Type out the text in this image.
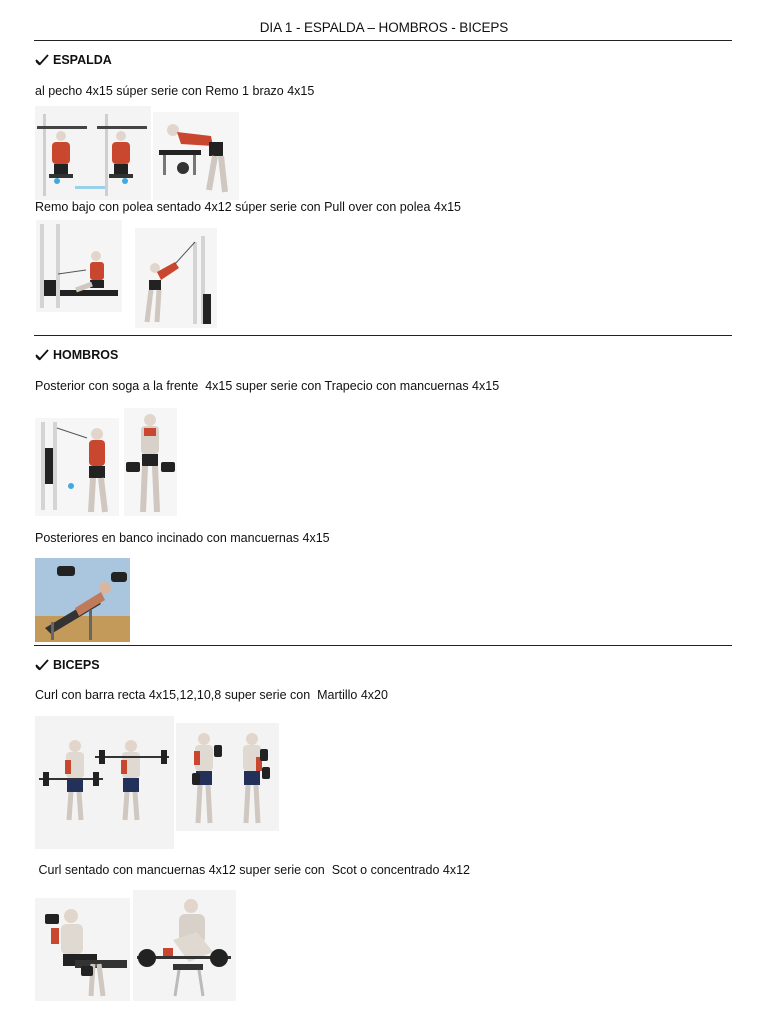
DIA 1 - ESPALDA – HOMBROS - BICEPS
ESPALDA
al pecho 4x15 súper serie con Remo 1 brazo 4x15
Remo bajo con polea sentado 4x12 súper serie con Pull over con polea 4x15
HOMBROS
Posterior con soga a la frente  4x15 super serie con Trapecio con mancuernas 4x15
Posteriores en banco incinado con mancuernas 4x15
BICEPS
Curl con barra recta 4x15,12,10,8 super serie con  Martillo 4x20
Curl sentado con mancuernas 4x12 super serie con  Scot o concentrado 4x12
